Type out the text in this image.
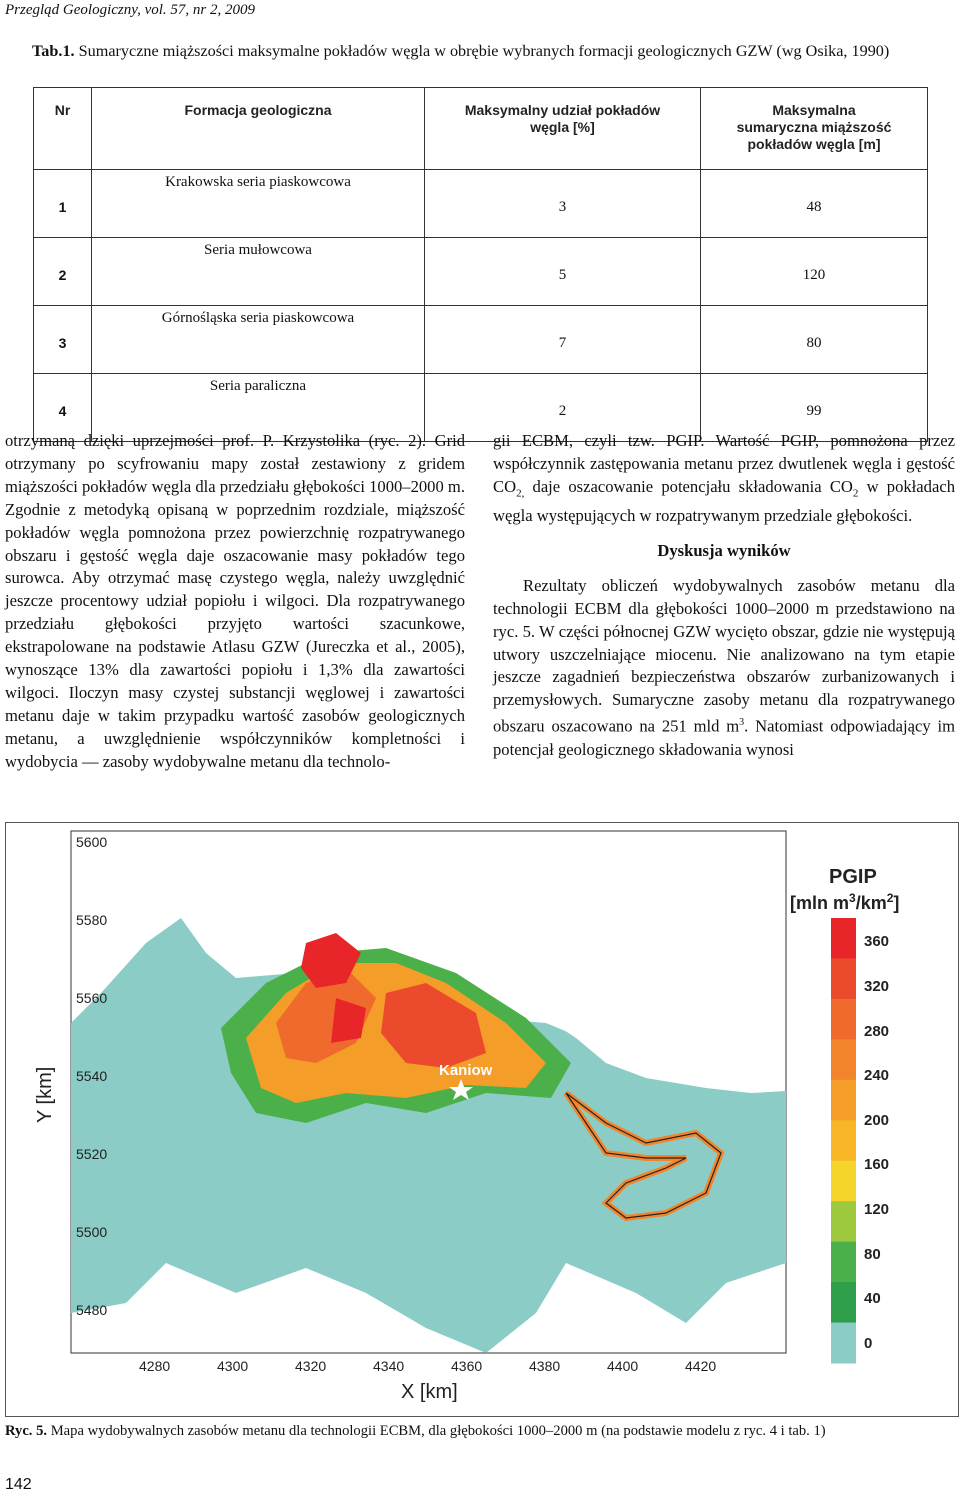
Przegląd Geologiczny, vol. 57, nr 2, 2009
Tab.1. Sumaryczne miąższości maksymalne pokładów węgla w obrębie wybranych formacji geologicznych GZW (wg Osika, 1990)
Nr	Formacja geologiczna	Maksymalny udział pokładów węgla [%]	Maksymalna sumaryczna miąższość pokładów węgla [m]
1	Krakowska seria piaskowcowa	3	48
2	Seria mułowcowa	5	120
3	Górnośląska seria piaskowcowa	7	80
4	Seria paraliczna	2	99

otrzymaną dzięki uprzejmości prof. P. Krzystolika (ryc. 2). Grid otrzymany po scyfrowaniu mapy został zestawiony z gridem miąższości pokładów węgla dla przedziału głębokości 1000–2000 m. Zgodnie z metodyką opisaną w poprzednim rozdziale, miąższość pokładów węgla pomnożona przez powierzchnię rozpatrywanego obszaru i gęstość węgla daje oszacowanie masy pokładów tego surowca. Aby otrzymać masę czystego węgla, należy uwzględnić jeszcze procentowy udział popiołu i wilgoci. Dla rozpatrywanego przedziału głębokości przyjęto wartości szacunkowe, ekstrapolowane na podstawie Atlasu GZW (Jureczka et al., 2005), wynoszące 13% dla zawartości popiołu i 1,3% dla zawartości wilgoci. Iloczyn masy czystej substancji węglowej i zawartości metanu daje w takim przypadku wartość zasobów geologicznych metanu, a uwzględnienie współczynników kompletności i wydobycia — zasoby wydobywalne metanu dla technolo-

gii ECBM, czyli tzw. PGIP. Wartość PGIP, pomnożona przez współczynnik zastępowania metanu przez dwutlenek węgla i gęstość $CO_{2,}$ daje oszacowanie potencjału składowania $CO_2$ w pokładach węgla występujących w rozpatrywanym przedziale głębokości.

Dyskusja wyników

Rezultaty obliczeń wydobywalnych zasobów metanu dla technologii ECBM dla głębokości 1000–2000 m przedstawiono na ryc. 5. W części północnej GZW wycięto obszar, gdzie nie występują utwory uszczelniające miocenu. Nie analizowano na tym etapie jeszcze zagadnień bezpieczeństwa obszarów zurbanizowanych i przemysłowych. Sumaryczne zasoby metanu dla rozpatrywanego obszaru oszacowano na 251 mld $m^3$. Natomiast odpowiadający im potencjał geologicznego składowania wynosi

Kaniow
5600
5580
5560
5540
5520
5500
5480
4280	4300	4320	4340	4360	4380	4400	4420
X [km]
Y [km]
PGIP
[mln $m^3/km^2$]
360
320
280
240
200
160
120
80
40
0
Ryc. 5. Mapa wydobywalnych zasobów metanu dla technologii ECBM, dla głębokości 1000–2000 m (na podstawie modelu z ryc. 4 i tab. 1)
142
